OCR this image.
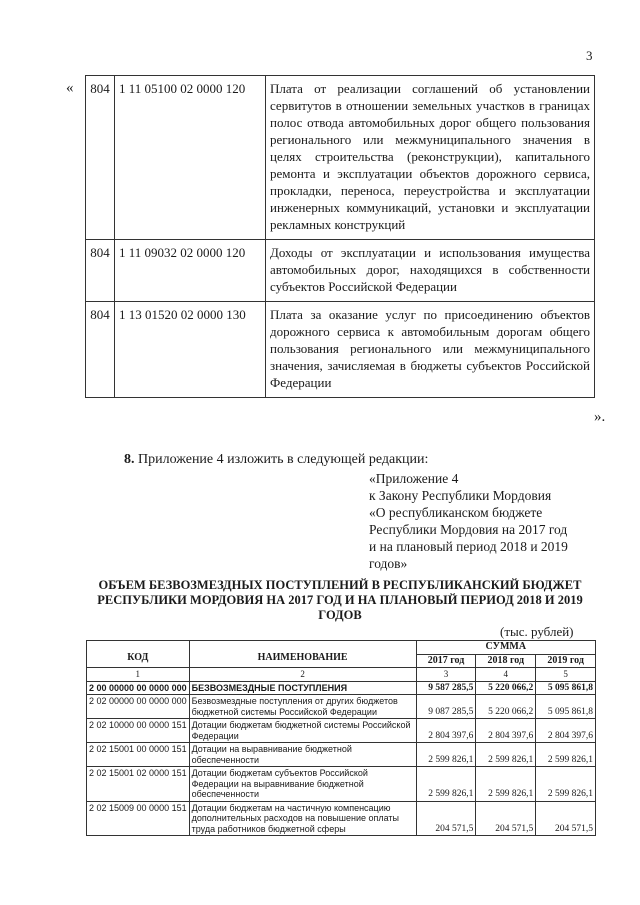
3
« 804	1 11 05100 02 0000 120	Плата от реализации соглашений об установлении сервитутов в отношении земельных участков в границах полос отвода автомобильных дорог общего пользования регионального или межмуниципального значения в целях строительства (реконструкции), капитального ремонта и эксплуатации объектов дорожного сервиса, прокладки, переноса, переустройства и эксплуатации инженерных коммуникаций, установки и эксплуатации рекламных конструкций
804	1 11 09032 02 0000 120	Доходы от эксплуатации и использования имущества автомобильных дорог, находящихся в собственности субъектов Российской Федерации
804	1 13 01520 02 0000 130	Плата за оказание услуг по присоединению объектов дорожного сервиса к автомобильным дорогам общего пользования регионального или межмуниципального значения, зачисляемая в бюджеты субъектов Российской Федерации
».
8. Приложение 4 изложить в следующей редакции:
«Приложение 4
к Закону Республики Мордовия
«О республиканском бюджете
Республики Мордовия на 2017 год
и на плановый период 2018 и 2019
годов»
ОБЪЕМ БЕЗВОЗМЕЗДНЫХ ПОСТУПЛЕНИЙ В РЕСПУБЛИКАНСКИЙ БЮДЖЕТ
РЕСПУБЛИКИ МОРДОВИЯ НА 2017 ГОД И НА ПЛАНОВЫЙ ПЕРИОД 2018 И 2019
ГОДОВ
(тыс. рублей)
КОД	НАИМЕНОВАНИЕ	СУММА		
		2017 год	2018 год	2019 год
1	2	3	4	5
2 00 00000 00 0000 000	БЕЗВОЗМЕЗДНЫЕ ПОСТУПЛЕНИЯ	9 587 285,5	5 220 066,2	5 095 861,8
2 02 00000 00 0000 000	Безвозмездные поступления от других бюджетов бюджетной системы Российской Федерации	9 087 285,5	5 220 066,2	5 095 861,8
2 02 10000 00 0000 151	Дотации бюджетам бюджетной системы Российской Федерации	2 804 397,6	2 804 397,6	2 804 397,6
2 02 15001 00 0000 151	Дотации на выравнивание бюджетной обеспеченности	2 599 826,1	2 599 826,1	2 599 826,1
2 02 15001 02 0000 151	Дотации бюджетам субъектов Российской Федерации на выравнивание бюджетной обеспеченности	2 599 826,1	2 599 826,1	2 599 826,1
2 02 15009 00 0000 151	Дотации бюджетам на частичную компенсацию дополнительных расходов на повышение оплаты труда работников бюджетной сферы	204 571,5	204 571,5	204 571,5
